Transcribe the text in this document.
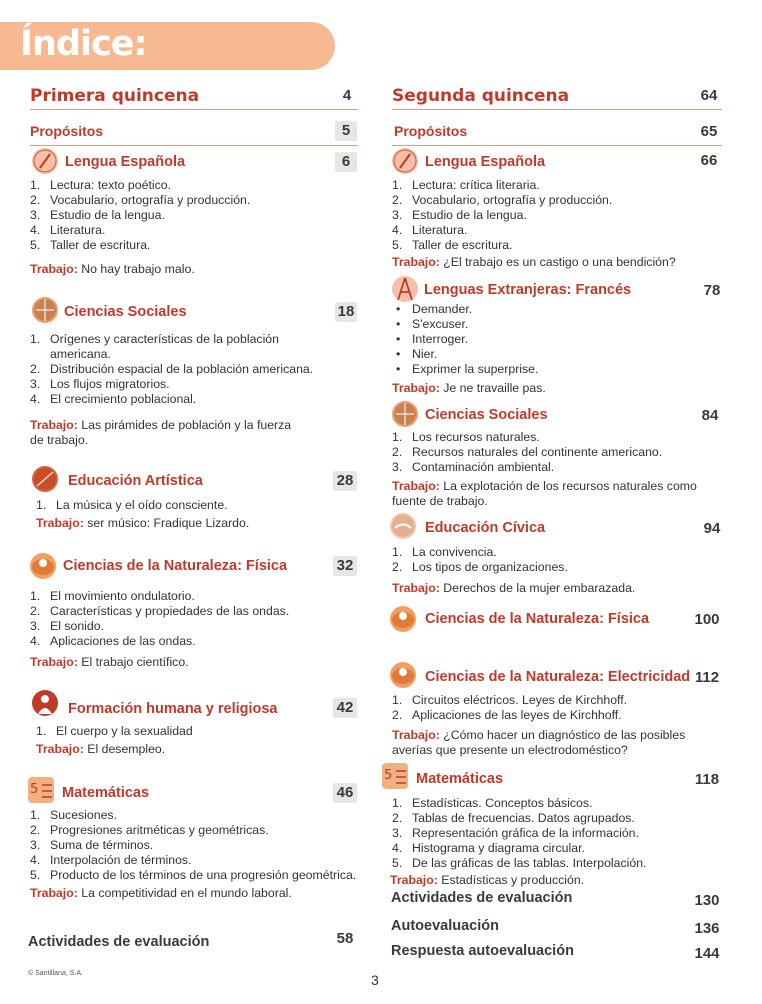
Índice:
Primera quincena	4
Propósitos	5
Lengua Española	6
1. Lectura: texto poético.
2. Vocabulario, ortografía y producción.
3. Estudio de la lengua.
4. Literatura.
5. Taller de escritura.
Trabajo: No hay trabajo malo.
Ciencias Sociales	18
1. Orígenes y características de la población
americana.
2. Distribución espacial de la población americana.
3. Los flujos migratorios.
4. El crecimiento poblacional.
Trabajo: Las pirámides de población y la fuerza
de trabajo.
Educación Artística	28
1. La música y el oído consciente.
Trabajo: ser músico: Fradique Lizardo.
Ciencias de la Naturaleza: Física	32
1. El movimiento ondulatorio.
2. Características y propiedades de las ondas.
3. El sonido.
4. Aplicaciones de las ondas.
Trabajo: El trabajo científico.
Formación humana y religiosa	42
1. El cuerpo y la sexualidad
Trabajo: El desempleo.
5 Matemáticas	46
1. Sucesiones.
2. Progresiones aritméticas y geométricas.
3. Suma de términos.
4. Interpolación de términos.
5. Producto de los términos de una progresión geométrica.
Trabajo: La competitividad en el mundo laboral.
Actividades de evaluación	58
Segunda quincena	64
Propósitos	65
Lengua Española	66
1. Lectura: crítica literaria.
2. Vocabulario, ortografía y producción.
3. Estudio de la lengua.
4. Literatura.
5. Taller de escritura.
Trabajo: ¿El trabajo es un castigo o una bendición?
Lenguas Extranjeras: Francés	78
• Demander.
• S'excuser.
• Interroger.
• Nier.
• Exprimer la superprise.
Trabajo: Je ne travaille pas.
Ciencias Sociales	84
1. Los recursos naturales.
2. Recursos naturales del continente americano.
3. Contaminación ambiental.
Trabajo: La explotación de los recursos naturales como
fuente de trabajo.
Educación Cívica	94
1. La convivencia.
2. Los tipos de organizaciones.
Trabajo: Derechos de la mujer embarazada.
Ciencias de la Naturaleza: Física	100
Ciencias de la Naturaleza: Electricidad 112
1. Circuitos eléctricos. Leyes de Kirchhoff.
2. Aplicaciones de las leyes de Kirchhoff.
Trabajo: ¿Cómo hacer un diagnóstico de las posibles
averías que presente un electrodoméstico?
5 Matemáticas	118
1. Estadísticas. Conceptos básicos.
2. Tablas de frecuencias. Datos agrupados.
3. Representación gráfica de la información.
4. Histograma y diagrama circular.
5. De las gráficas de las tablas. Interpolación.
Trabajo: Estadísticas y producción.
Actividades de evaluación	130
Autoevaluación	136
Respuesta autoevaluación	144
© Santillana, S.A.	3
